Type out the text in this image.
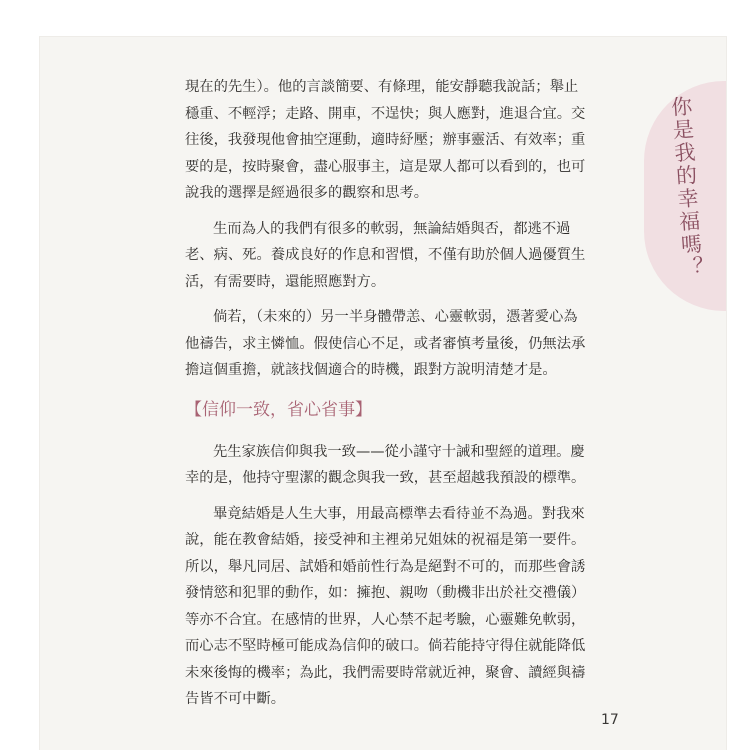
你是我的幸福嗎？
現在的先生）。他的言談簡要、有條理，能安靜聽我說話；舉止
穩重、不輕浮；走路、開車，不逞快；與人應對，進退合宜。交
往後，我發現他會抽空運動，適時紓壓；辦事靈活、有效率；重
要的是，按時聚會，盡心服事主，這是眾人都可以看到的，也可
說我的選擇是經過很多的觀察和思考。
生而為人的我們有很多的軟弱，無論結婚與否，都逃不過
老、病、死。養成良好的作息和習慣，不僅有助於個人過優質生
活，有需要時，還能照應對方。
倘若，（未來的）另一半身體帶恙、心靈軟弱，憑著愛心為
他禱告，求主憐恤。假使信心不足，或者審慎考量後，仍無法承
擔這個重擔，就該找個適合的時機，跟對方說明清楚才是。
【信仰一致，省心省事】
先生家族信仰與我一致——從小謹守十誡和聖經的道理。慶
幸的是，他持守聖潔的觀念與我一致，甚至超越我預設的標準。
畢竟結婚是人生大事，用最高標準去看待並不為過。對我來
說，能在教會結婚，接受神和主裡弟兄姐妹的祝福是第一要件。
所以，舉凡同居、試婚和婚前性行為是絕對不可的，而那些會誘
發情慾和犯罪的動作，如：擁抱、親吻（動機非出於社交禮儀）
等亦不合宜。在感情的世界，人心禁不起考驗，心靈難免軟弱，
而心志不堅時極可能成為信仰的破口。倘若能持守得住就能降低
未來後悔的機率；為此，我們需要時常就近神，聚會、讀經與禱
告皆不可中斷。
17
